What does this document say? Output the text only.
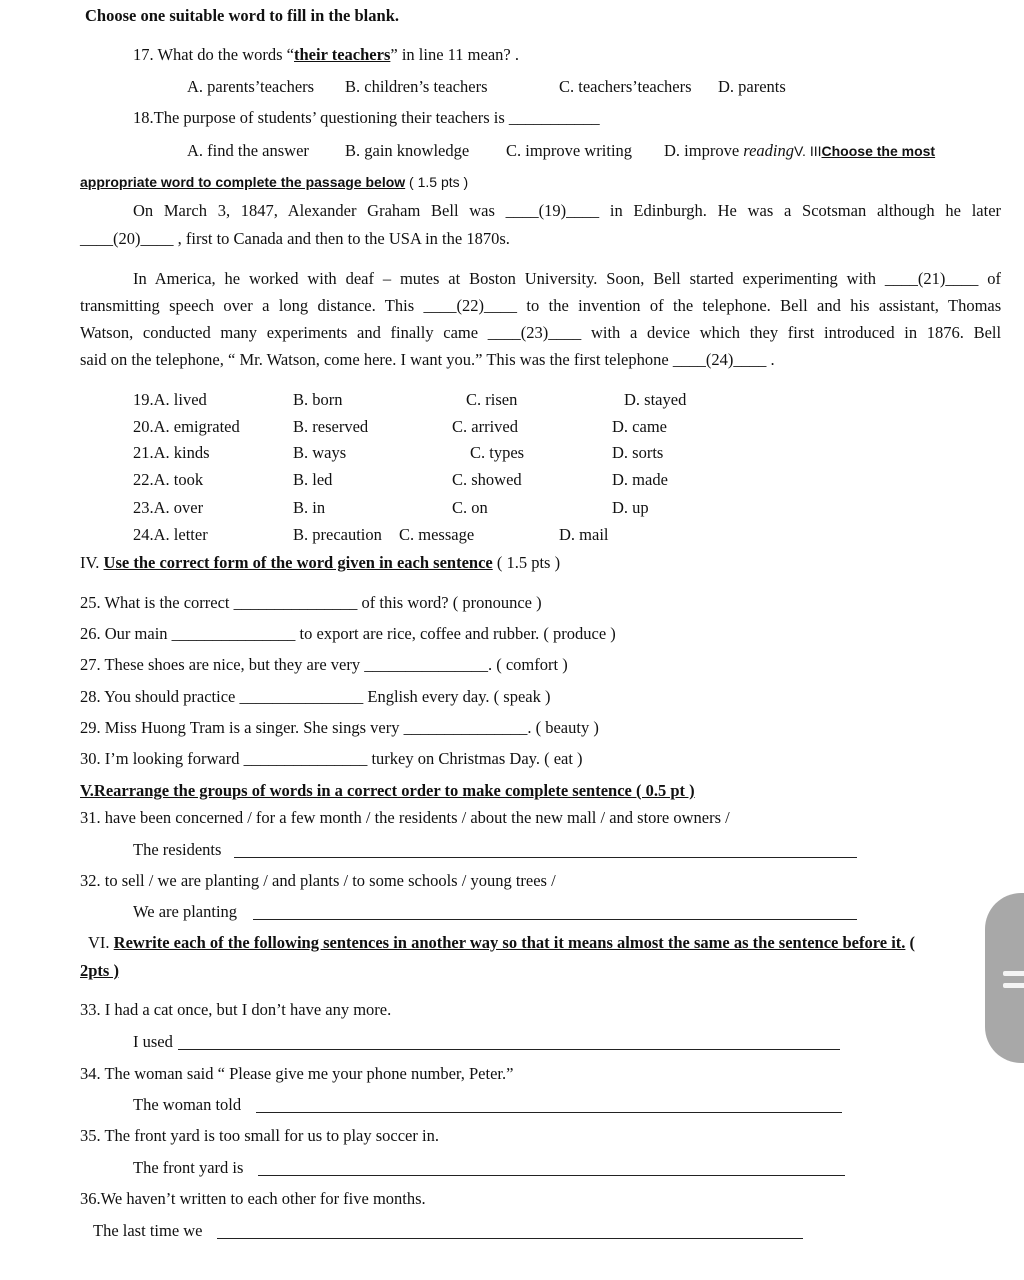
Choose one suitable word to fill in the blank.
17. What do the words “their teachers” in line 11 mean? .
A. parents’teachers B. children’s teachers	C. teachers’teachers D. parents
18.The purpose of students’ questioning their teachers is ___________
A. find the answer B. gain knowledge C. improve writing D. improve readingV. IIIChoose the most
appropriate word to complete the passage below ( 1.5 pts )
On March 3, 1847, Alexander Graham Bell was ____(19)____ in Edinburgh. He was a Scotsman although he later
____(20)____ , first to Canada and then to the USA in the 1870s.
In America, he worked with deaf – mutes at Boston University. Soon, Bell started experimenting with ____(21)____ of
transmitting speech over a long distance. This ____(22)____ to the invention of the telephone. Bell and his assistant, Thomas
Watson, conducted many experiments and finally came ____(23)____ with a device which they first introduced in 1876. Bell
said on the telephone, “ Mr. Watson, come here. I want you.” This was the first telephone ____(24)____ .
19.A. lived	B. born	C. risen	D. stayed
20.A. emigrated	B. reserved	C. arrived	D. came
21.A. kinds	B. ways	C. types	D. sorts
22.A. took	B. led	C. showed	D. made
23.A. over	B. in	C. on	D. up
24.A. letter	B. precaution C. message	D. mail
IV. Use the correct form of the word given in each sentence ( 1.5 pts )
25. What is the correct _______________ of this word? ( pronounce )
26. Our main _______________ to export are rice, coffee and rubber. ( produce )
27. These shoes are nice, but they are very _______________. ( comfort )
28. You should practice _______________ English every day. ( speak )
29. Miss Huong Tram is a singer. She sings very _______________. ( beauty )
30. I’m looking forward _______________ turkey on Christmas Day. ( eat )
V.Rearrange the groups of words in a correct order to make complete sentence ( 0.5 pt )
31. have been concerned / for a few month / the residents / about the new mall / and store owners /
The residents
32. to sell / we are planting / and plants / to some schools / young trees /
We are planting
VI. Rewrite each of the following sentences in another way so that it means almost the same as the sentence before it. (
2pts )
33. I had a cat once, but I don’t have any more.
I used
34. The woman said “ Please give me your phone number, Peter.”
The woman told
35. The front yard is too small for us to play soccer in.
The front yard is
36.We haven’t written to each other for five months.
The last time we
